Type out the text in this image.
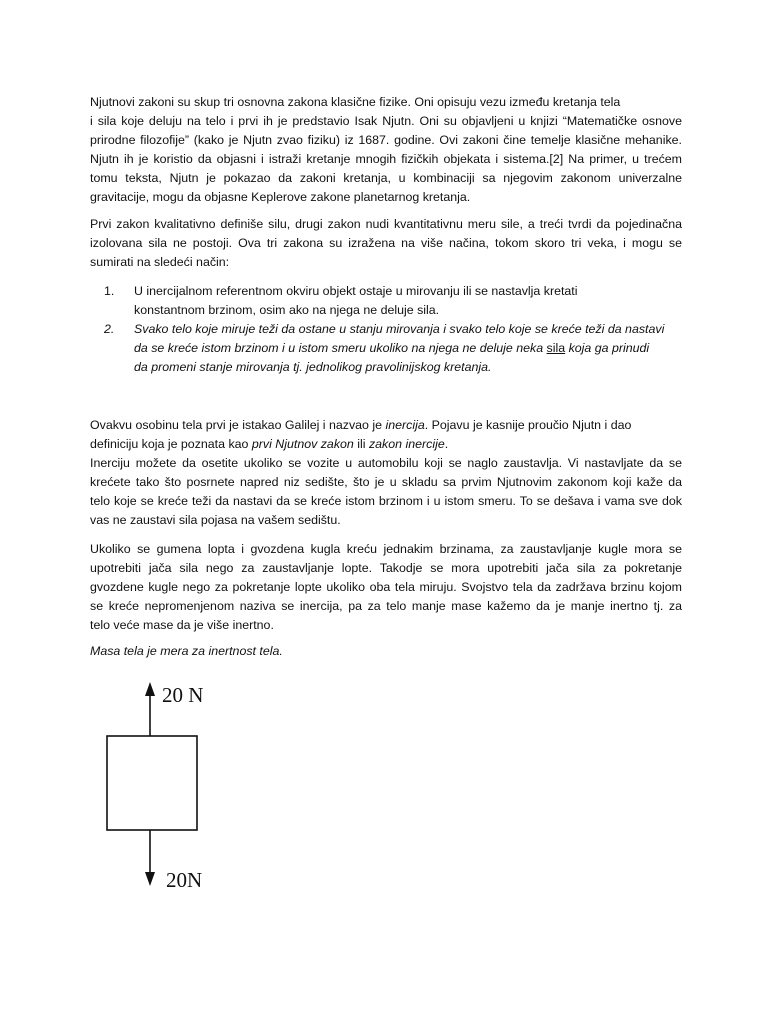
Njutnovi zakoni su skup tri osnovna zakona klasične fizike. Oni opisuju vezu između kretanja tela
i sila koje deluju na telo i prvi ih je predstavio Isak Njutn. Oni su objavljeni u knjizi “Matematičke osnove
prirodne filozofije” (kako je Njutn zvao fiziku) iz 1687. godine. Ovi zakoni čine temelje klasične mehanike.
Njutn ih je koristio da objasni i istraži kretanje mnogih fizičkih objekata i sistema.[2] Na primer, u trećem
tomu teksta, Njutn je pokazao da zakoni kretanja, u kombinaciji sa njegovim zakonom univerzalne
gravitacije, mogu da objasne Keplerove zakone planetarnog kretanja.
Prvi zakon kvalitativno definiše silu, drugi zakon nudi kvantitativnu meru sile, a treći tvrdi da pojedinačna
izolovana sila ne postoji. Ova tri zakona su izražena na više načina, tokom skoro tri veka, i mogu se
sumirati na sledeći način:
1. U inercijalnom referentnom okviru objekt ostaje u mirovanju ili se nastavlja kretati
konstantnom brzinom, osim ako na njega ne deluje sila.
2. Svako telo koje miruje teži da ostane u stanju mirovanja i svako telo koje se kreće teži da nastavi
da se kreće istom brzinom i u istom smeru ukoliko na njega ne deluje neka sila koja ga prinudi
da promeni stanje mirovanja tj. jednolikog pravolinijskog kretanja.
Ovakvu osobinu tela prvi je istakao Galilej i nazvao je inercija. Pojavu je kasnije proučio Njutn i dao
definiciju koja je poznata kao prvi Njutnov zakon ili zakon inercije.
Inerciju možete da osetite ukoliko se vozite u automobilu koji se naglo zaustavlja. Vi nastavljate da se
krećete tako što posrnete napred niz sedište, što je u skladu sa prvim Njutnovim zakonom koji kaže da
telo koje se kreće teži da nastavi da se kreće istom brzinom i u istom smeru. To se dešava i vama sve dok
vas ne zaustavi sila pojasa na vašem sedištu.
Ukoliko se gumena lopta i gvozdena kugla kreću jednakim brzinama, za zaustavljanje kugle mora se
upotrebiti jača sila nego za zaustavljanje lopte. Takodje se mora upotrebiti jača sila za pokretanje
gvozdene kugle nego za pokretanje lopte ukoliko oba tela miruju. Svojstvo tela da zadržava brzinu kojom
se kreće nepromenjenom naziva se inercija, pa za telo manje mase kažemo da je manje inertno tj. za
telo veće mase da je više inertno.
Masa tela je mera za inertnost tela.
20 N
20N
